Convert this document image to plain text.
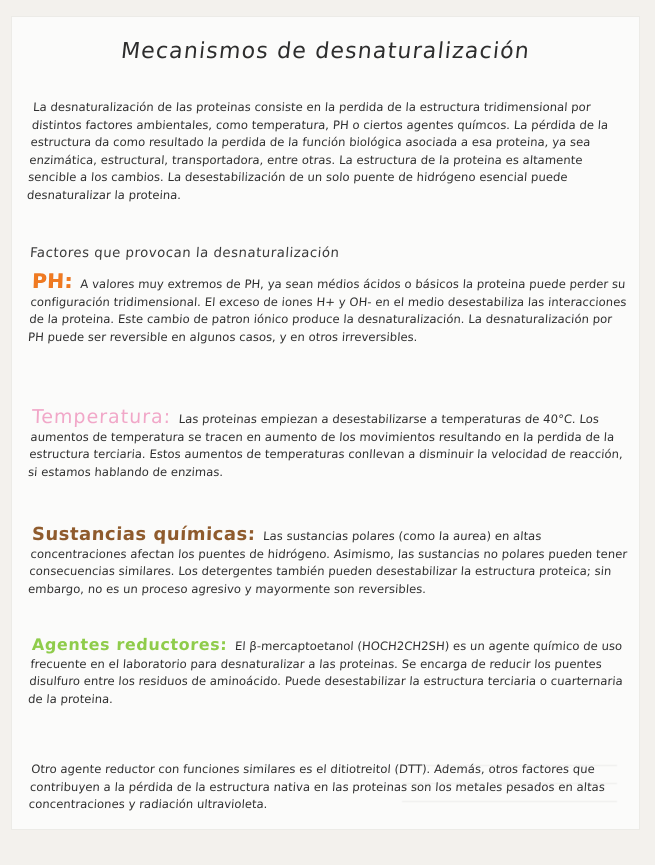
Mecanismos de desnaturalización
La desnaturalización de las proteinas consiste en la perdida de la estructura tridimensional por distintos factores ambientales, como temperatura, PH o ciertos agentes químcos. La pérdida de la estructura da como resultado la perdida de la función biológica asociada a esa proteina, ya sea enzimática, estructural, transportadora, entre otras. La estructura de la proteina es altamente sencible a los cambios. La desestabilización de un solo puente de hidrógeno esencial puede desnaturalizar la proteina.
Factores que provocan la desnaturalización
PH: A valores muy extremos de PH, ya sean médios ácidos o básicos la proteina puede perder su configuración tridimensional. El exceso de iones H+ y OH- en el medio desestabiliza las interacciones de la proteina. Este cambio de patron iónico produce la desnaturalización. La desnaturalización por PH puede ser reversible en algunos casos, y en otros irreversibles.
Temperatura: Las proteinas empiezan a desestabilizarse a temperaturas de 40°C. Los aumentos de temperatura se tracen en aumento de los movimientos resultando en la perdida de la estructura terciaria. Estos aumentos de temperaturas conllevan a disminuir la velocidad de reacción, si estamos hablando de enzimas.
Sustancias químicas: Las sustancias polares (como la aurea) en altas concentraciones afectan los puentes de hidrógeno. Asimismo, las sustancias no polares pueden tener consecuencias similares. Los detergentes también pueden desestabilizar la estructura proteica; sin embargo, no es un proceso agresivo y mayormente son reversibles.
Agentes reductores: El β-mercaptoetanol (HOCH2CH2SH) es un agente químico de uso frecuente en el laboratorio para desnaturalizar a las proteinas. Se encarga de reducir los puentes disulfuro entre los residuos de aminoácido. Puede desestabilizar la estructura terciaria o cuarternaria de la proteina.
Otro agente reductor con funciones similares es el ditiotreitol (DTT). Además, otros factores que contribuyen a la pérdida de la estructura nativa en las proteinas son los metales pesados en altas concentraciones y radiación ultravioleta.
